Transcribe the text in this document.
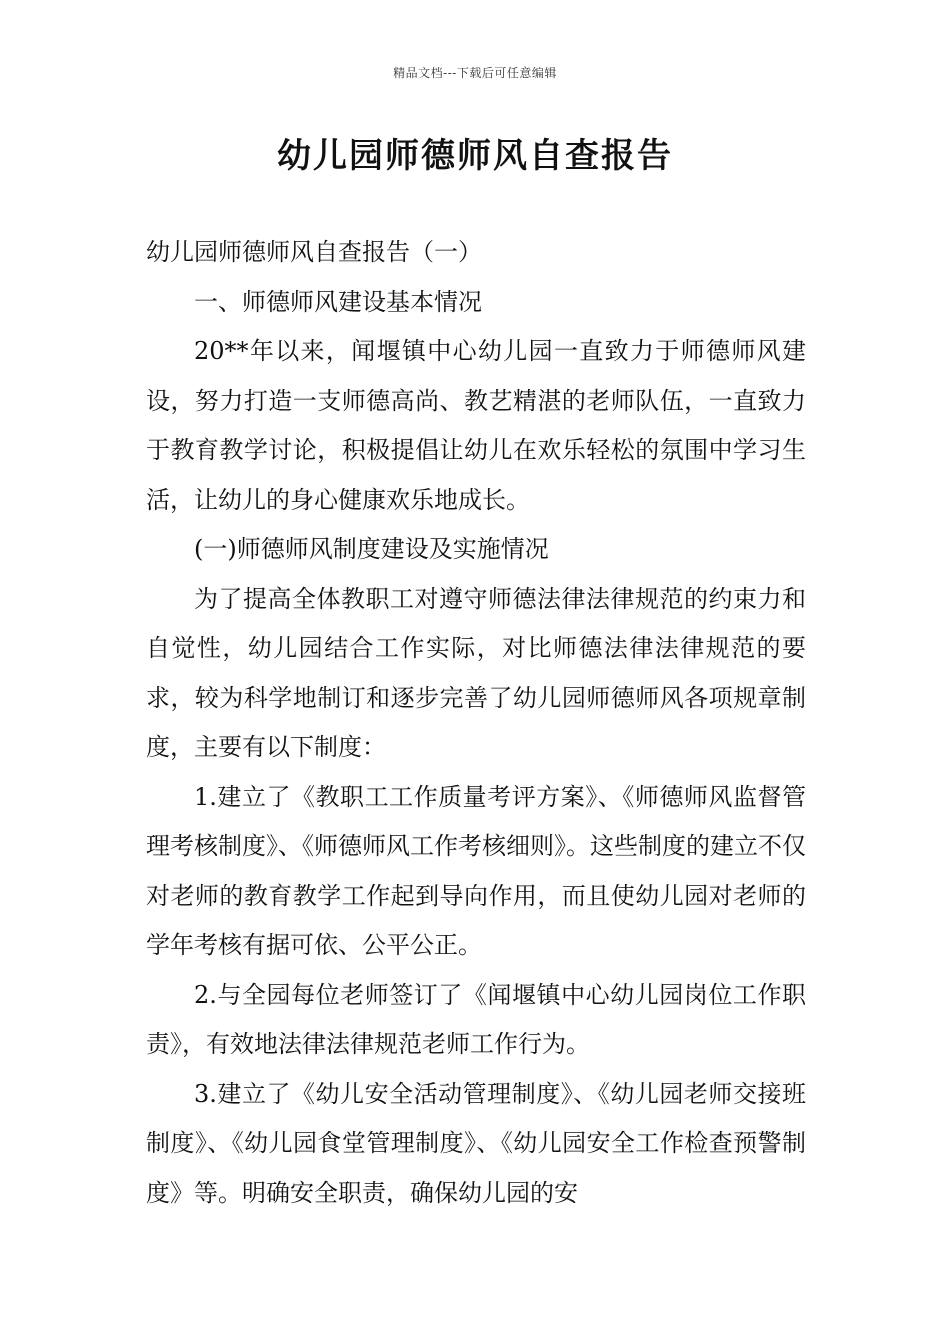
精品文档---下载后可任意编辑
幼儿园师德师风自查报告

幼儿园师德师风自查报告（一）

一、师德师风建设基本情况

20**年以来，闻堰镇中心幼儿园一直致力于师德师风建设，努力打造一支师德高尚、教艺精湛的老师队伍，一直致力于教育教学讨论，积极提倡让幼儿在欢乐轻松的氛围中学习生活，让幼儿的身心健康欢乐地成长。

(一)师德师风制度建设及实施情况

为了提高全体教职工对遵守师德法律法律规范的约束力和自觉性，幼儿园结合工作实际，对比师德法律法律规范的要求，较为科学地制订和逐步完善了幼儿园师德师风各项规章制度，主要有以下制度：

1.建立了《教职工工作质量考评方案》、《师德师风监督管理考核制度》、《师德师风工作考核细则》。这些制度的建立不仅对老师的教育教学工作起到导向作用，而且使幼儿园对老师的学年考核有据可依、公平公正。

2.与全园每位老师签订了《闻堰镇中心幼儿园岗位工作职责》，有效地法律法律规范老师工作行为。

3.建立了《幼儿安全活动管理制度》、《幼儿园老师交接班制度》、《幼儿园食堂管理制度》、《幼儿园安全工作检查预警制度》等。明确安全职责，确保幼儿园的安
